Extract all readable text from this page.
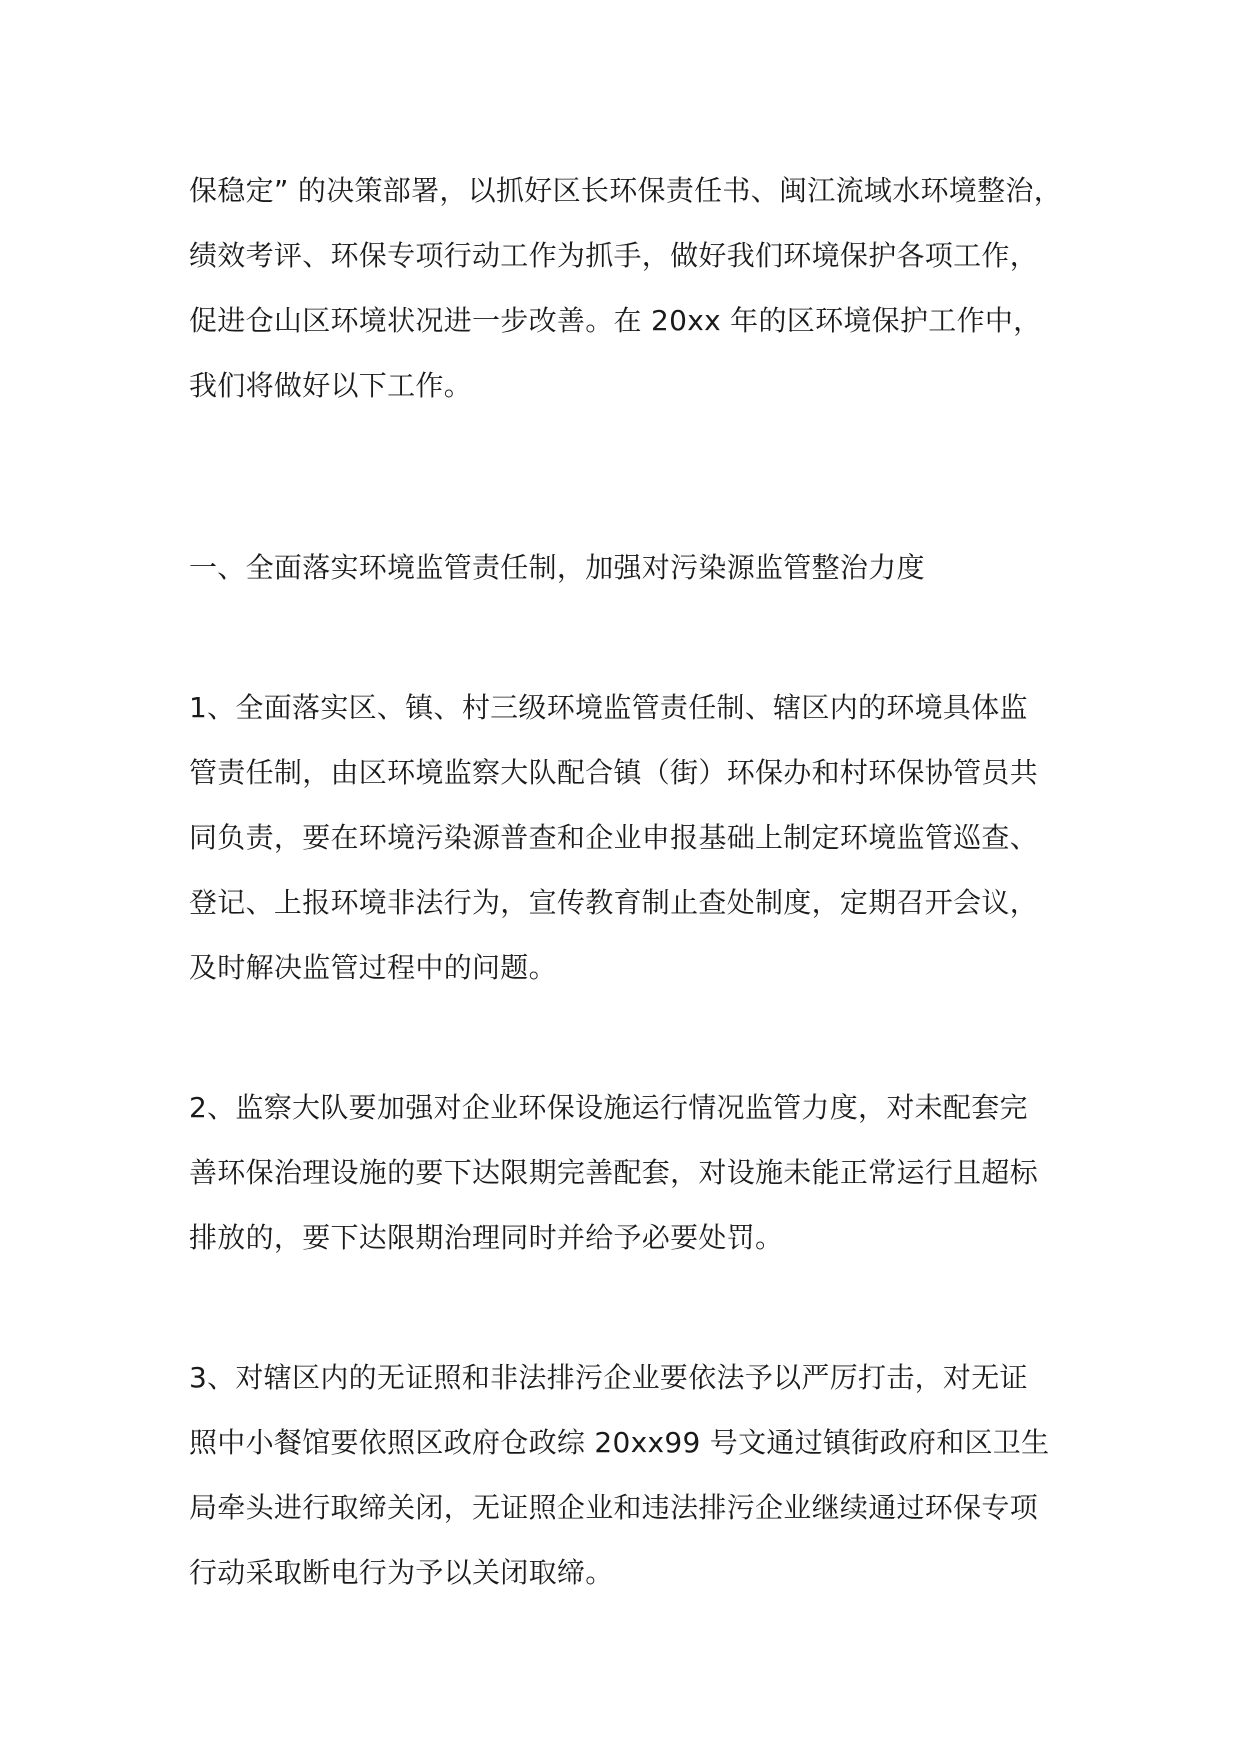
保稳定” 的决策部署，以抓好区长环保责任书、闽江流域水环境整治，
绩效考评、环保专项行动工作为抓手，做好我们环境保护各项工作，
促进仓山区环境状况进一步改善。在 20xx 年的区环境保护工作中，
我们将做好以下工作。
一、全面落实环境监管责任制，加强对污染源监管整治力度
1、全面落实区、镇、村三级环境监管责任制、辖区内的环境具体监
管责任制，由区环境监察大队配合镇（街）环保办和村环保协管员共
同负责，要在环境污染源普查和企业申报基础上制定环境监管巡查、
登记、上报环境非法行为，宣传教育制止查处制度，定期召开会议，
及时解决监管过程中的问题。
2、监察大队要加强对企业环保设施运行情况监管力度，对未配套完
善环保治理设施的要下达限期完善配套，对设施未能正常运行且超标
排放的，要下达限期治理同时并给予必要处罚。
3、对辖区内的无证照和非法排污企业要依法予以严厉打击，对无证
照中小餐馆要依照区政府仓政综 20xx99 号文通过镇街政府和区卫生
局牵头进行取缔关闭，无证照企业和违法排污企业继续通过环保专项
行动采取断电行为予以关闭取缔。
